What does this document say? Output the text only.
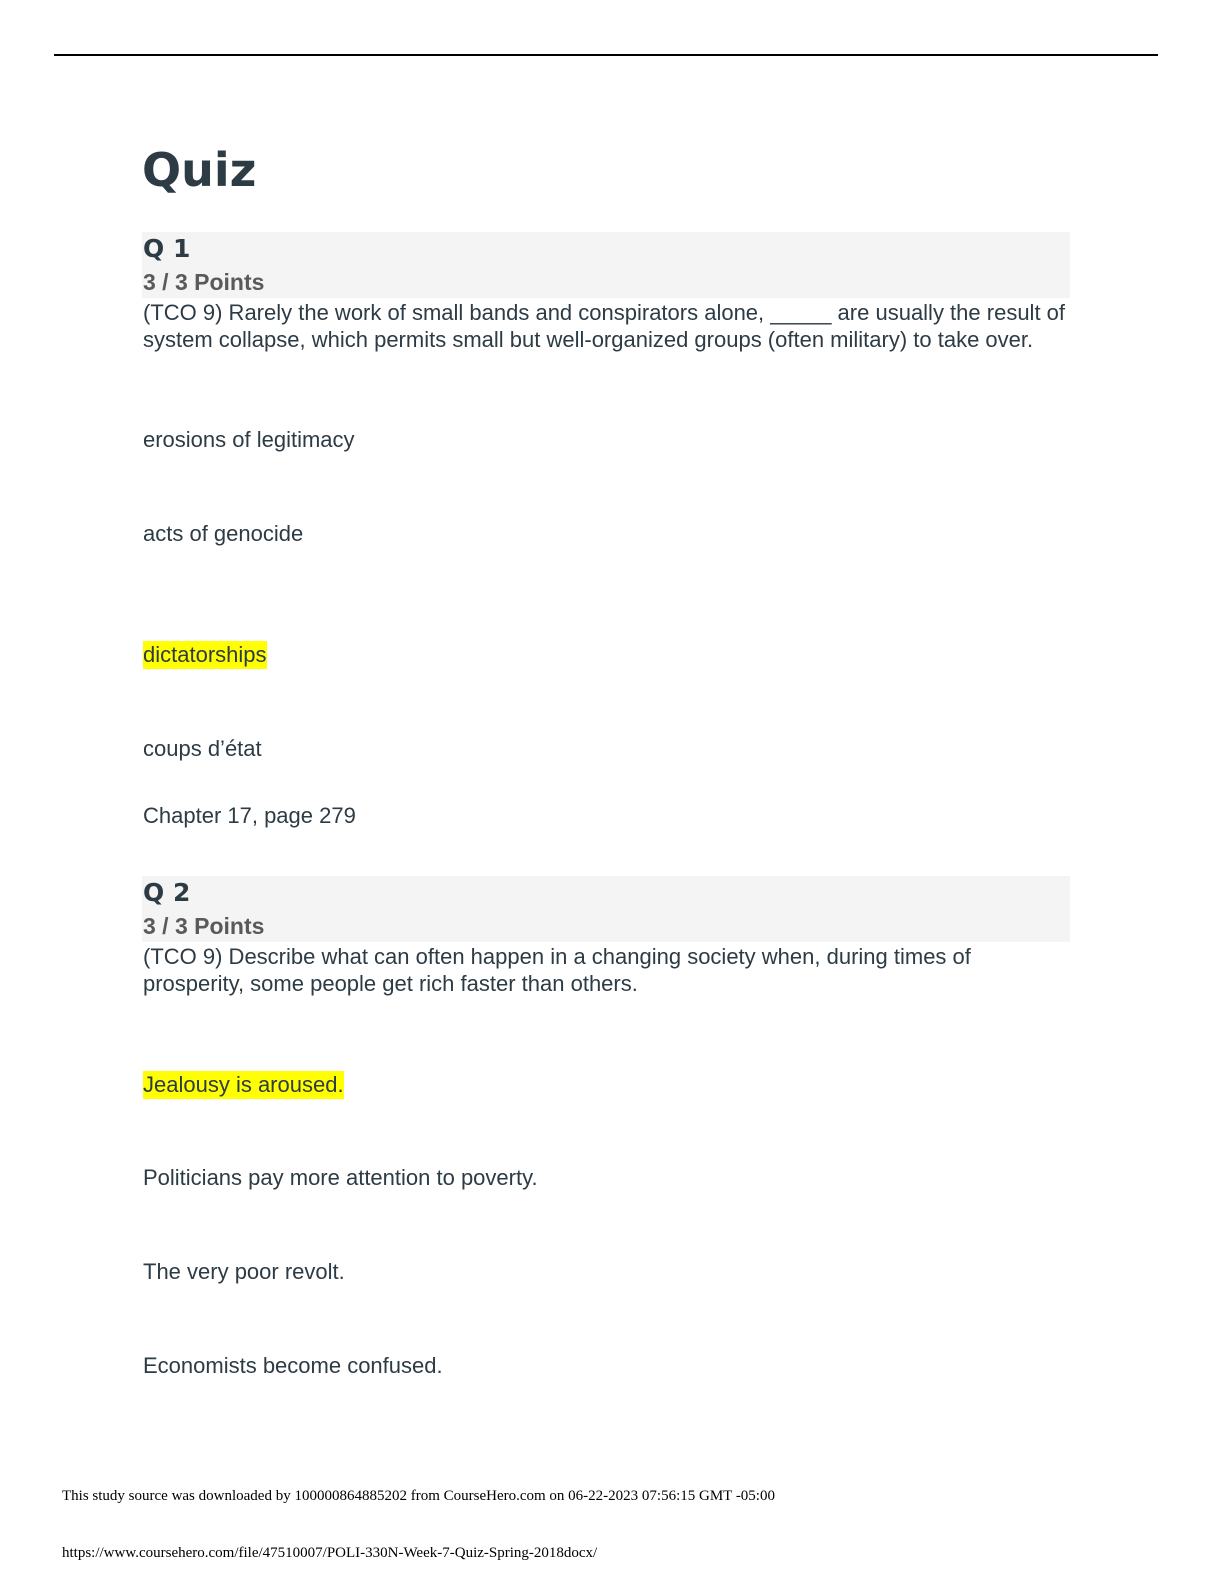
Quiz
Q 1
3 / 3 Points

(TCO 9) Rarely the work of small bands and conspirators alone, _____ are usually the result of system collapse, which permits small but well-organized groups (often military) to take over.

erosions of legitimacy
acts of genocide
dictatorships
coups d’état
Chapter 17, page 279
Q 2
3 / 3 Points

(TCO 9) Describe what can often happen in a changing society when, during times of prosperity, some people get rich faster than others.

Jealousy is aroused.
Politicians pay more attention to poverty.
The very poor revolt.
Economists become confused.
This study source was downloaded by 100000864885202 from CourseHero.com on 06-22-2023 07:56:15 GMT -05:00
https://www.coursehero.com/file/47510007/POLI-330N-Week-7-Quiz-Spring-2018docx/
